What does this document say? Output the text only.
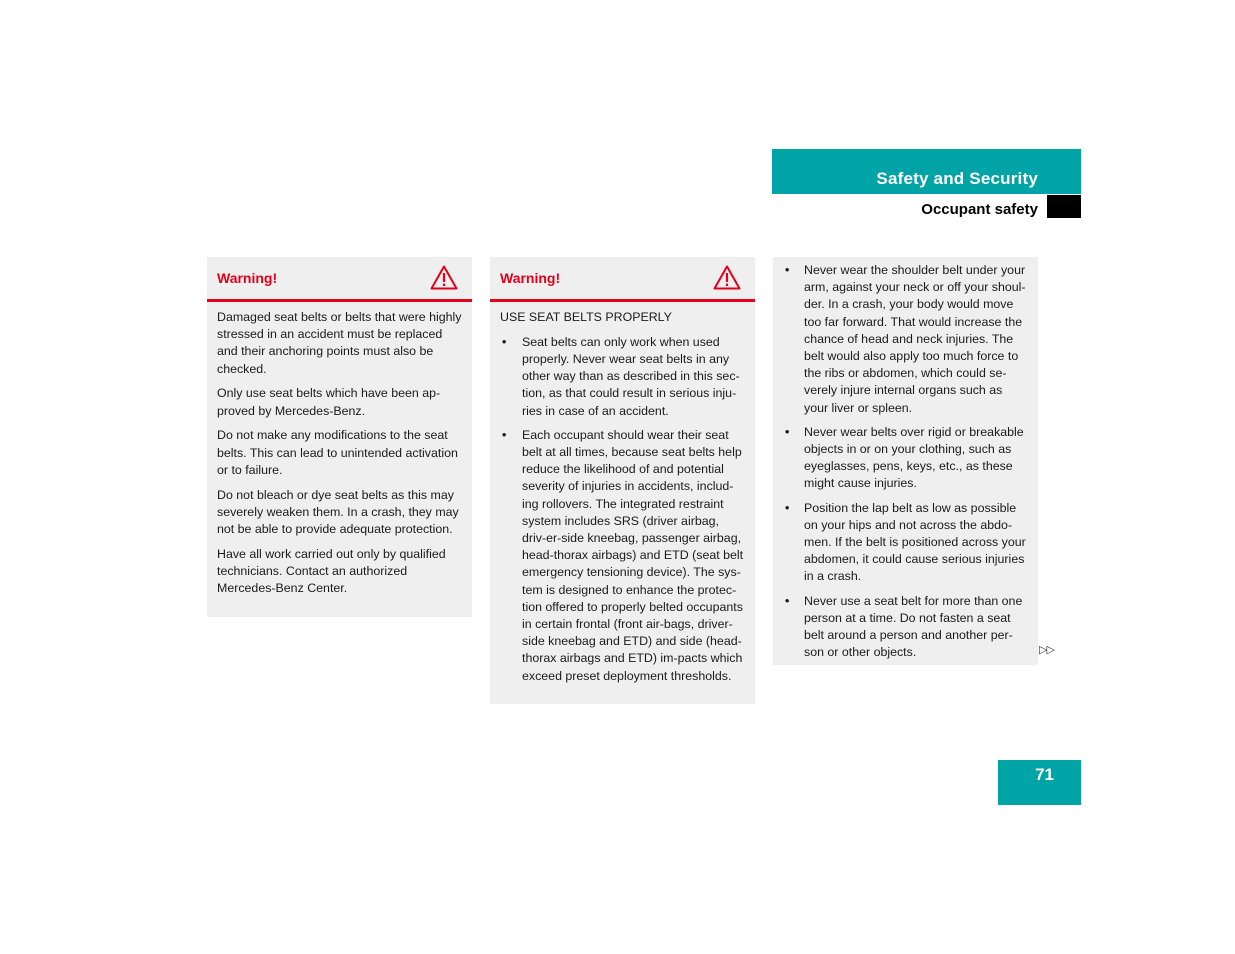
Safety and Security
Occupant safety
Warning!

Damaged seat belts or belts that were highly stressed in an accident must be replaced and their anchoring points must also be checked.

Only use seat belts which have been ap-proved by Mercedes-Benz.

Do not make any modifications to the seat belts. This can lead to unintended activation or to failure.

Do not bleach or dye seat belts as this may severely weaken them. In a crash, they may not be able to provide adequate protection.

Have all work carried out only by qualified technicians. Contact an authorized Mercedes-Benz Center.

Warning!

USE SEAT BELTS PROPERLY

• Seat belts can only work when used properly. Never wear seat belts in any other way than as described in this sec-tion, as that could result in serious inju-ries in case of an accident.
• Each occupant should wear their seat belt at all times, because seat belts help reduce the likelihood of and potential severity of injuries in accidents, includ-ing rollovers. The integrated restraint system includes SRS (driver airbag, driv-er-side kneebag, passenger airbag, head-thorax airbags) and ETD (seat belt emergency tensioning device). The sys-tem is designed to enhance the protec-tion offered to properly belted occupants in certain frontal (front air-bags, driver-side kneebag and ETD) and side (head-thorax airbags and ETD) im-pacts which exceed preset deployment thresholds.
• Never wear the shoulder belt under your arm, against your neck or off your shoul-der. In a crash, your body would move too far forward. That would increase the chance of head and neck injuries. The belt would also apply too much force to the ribs or abdomen, which could se-verely injure internal organs such as your liver or spleen.
• Never wear belts over rigid or breakable objects in or on your clothing, such as eyeglasses, pens, keys, etc., as these might cause injuries.
• Position the lap belt as low as possible on your hips and not across the abdo-men. If the belt is positioned across your abdomen, it could cause serious injuries in a crash.
• Never use a seat belt for more than one person at a time. Do not fasten a seat belt around a person and another per-son or other objects.	▷▷
71
